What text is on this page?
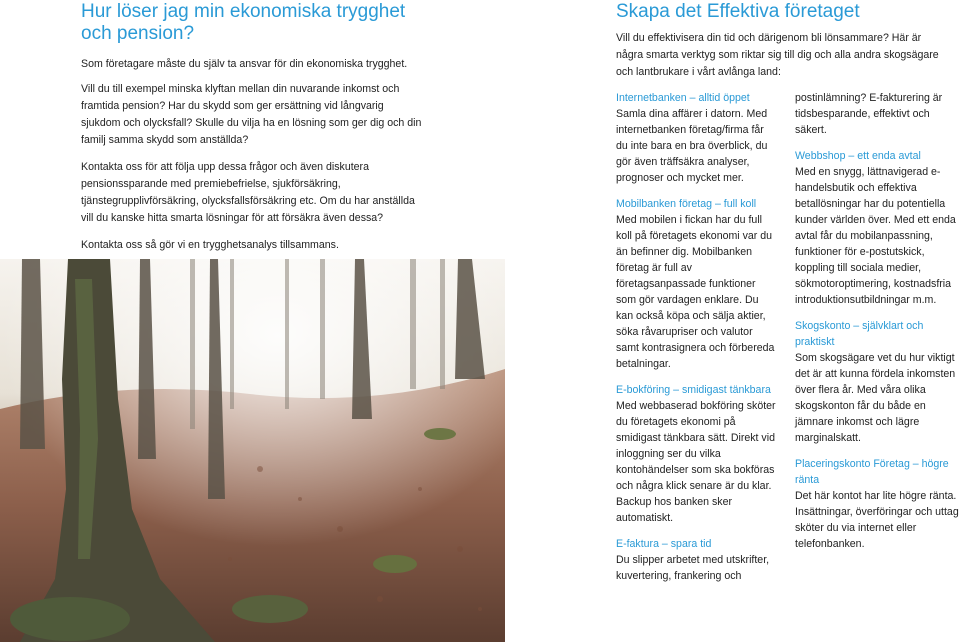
Hur löser jag min ekonomiska trygghet och pension?

Som företagare måste du själv ta ansvar för din ekonomiska trygghet.

Vill du till exempel minska klyftan mellan din nuvarande inkomst och framtida pension? Har du skydd som ger ersättning vid långvarig sjukdom och olycksfall? Skulle du vilja ha en lösning som ger dig och din familj samma skydd som anställda?

Kontakta oss för att följa upp dessa frågor och även diskutera pensionssparande med premiebefrielse, sjukförsäkring, tjänstegrupplivförsäkring, olycksfallsförsäkring etc. Om du har anställda vill du kanske hitta smarta lösningar för att försäkra även dessa?

Kontakta oss så gör vi en trygghetsanalys tillsammans.

Skapa det Effektiva företaget

Vill du effektivisera din tid och därigenom bli lönsammare? Här är några smarta verktyg som riktar sig till dig och alla andra skogsägare och lantbrukare i vårt avlånga land:

Internetbanken – alltid öppet
Samla dina affärer i datorn. Med internetbanken företag/firma får du inte bara en bra överblick, du gör även träffsäkra analyser, prognoser och mycket mer.
Mobilbanken företag – full koll
Med mobilen i fickan har du full koll på företagets ekonomi var du än befinner dig. Mobilbanken företag är full av företagsanpassade funktioner som gör vardagen enklare. Du kan också köpa och sälja aktier, söka råvarupriser och valutor samt kontrasignera och förbereda betalningar.
E-bokföring – smidigast tänkbara
Med webbaserad bokföring sköter du företagets ekonomi på smidigast tänkbara sätt. Direkt vid inloggning ser du vilka kontohändelser som ska bokföras och några klick senare är du klar. Backup hos banken sker automatiskt.
E-faktura – spara tid
Du slipper arbetet med utskrifter, kuvertering, frankering och
postinlämning? E-fakturering är tidsbesparande, effektivt och säkert.
Webbshop – ett enda avtal
Med en snygg, lättnavigerad e-handelsbutik och effektiva betallösningar har du potentiella kunder världen över. Med ett enda avtal får du mobilanpassning, funktioner för e-postutskick, koppling till sociala medier, sökmotoroptimering, kostnadsfria introduktionsutbildningar m.m.
Skogskonto – självklart och praktiskt
Som skogsägare vet du hur viktigt det är att kunna fördela inkomsten över flera år. Med våra olika skogskonton får du både en jämnare inkomst och lägre marginalskatt.
Placeringskonto Företag – högre ränta
Det här kontot har lite högre ränta. Insättningar, överföringar och uttag sköter du via internet eller telefonbanken.
